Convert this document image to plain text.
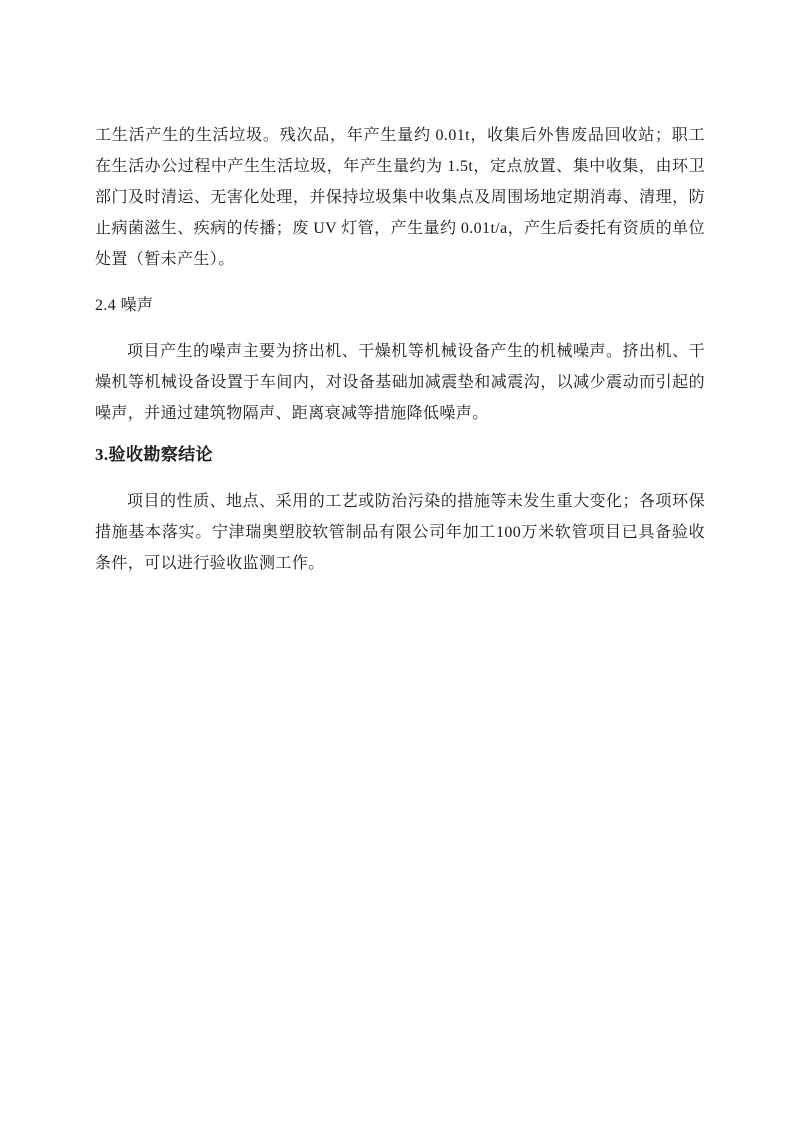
工生活产生的生活垃圾。残次品，年产生量约 0.01t，收集后外售废品回收站；职工在生活办公过程中产生生活垃圾，年产生量约为 1.5t，定点放置、集中收集，由环卫部门及时清运、无害化处理，并保持垃圾集中收集点及周围场地定期消毒、清理，防止病菌滋生、疾病的传播；废 UV 灯管，产生量约 0.01t/a，产生后委托有资质的单位处置（暂未产生）。

2.4 噪声

项目产生的噪声主要为挤出机、干燥机等机械设备产生的机械噪声。挤出机、干燥机等机械设备设置于车间内，对设备基础加减震垫和减震沟，以减少震动而引起的噪声，并通过建筑物隔声、距离衰减等措施降低噪声。

3.验收勘察结论

项目的性质、地点、采用的工艺或防治污染的措施等未发生重大变化；各项环保措施基本落实。宁津瑞奥塑胶软管制品有限公司年加工100万米软管项目已具备验收条件，可以进行验收监测工作。
